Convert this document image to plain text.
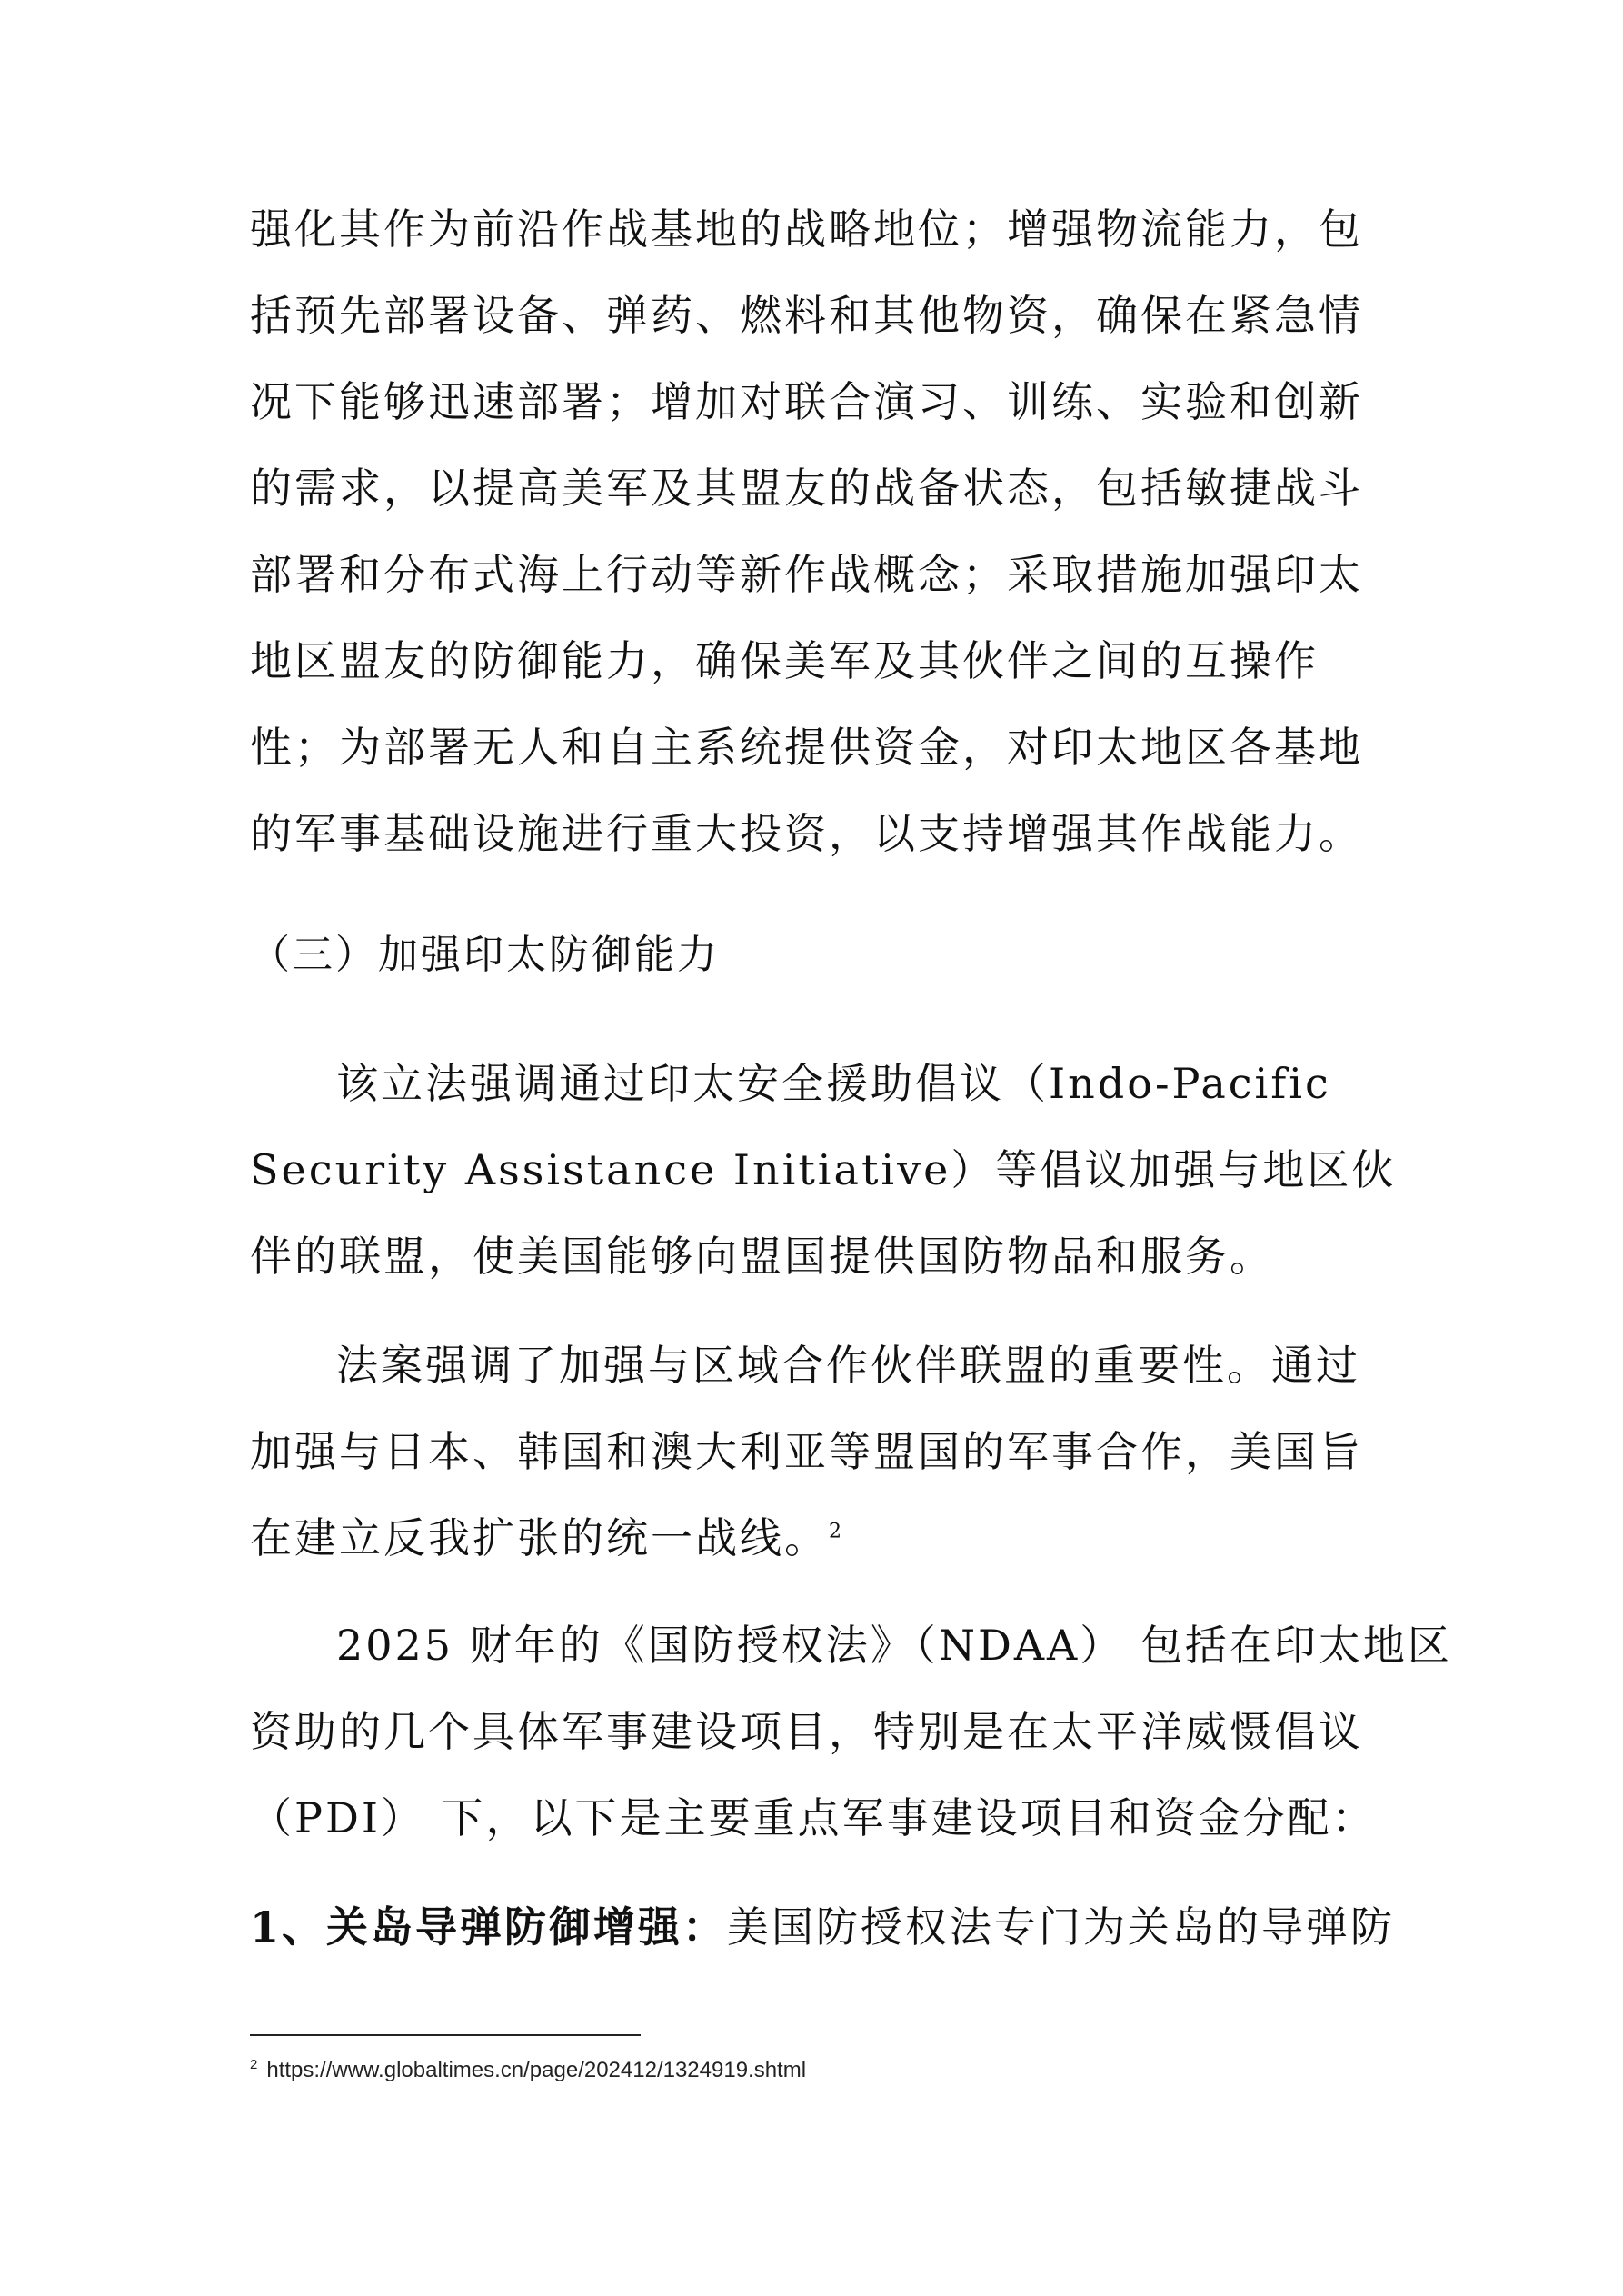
强化其作为前沿作战基地的战略地位；增强物流能力，包
括预先部署设备、弹药、燃料和其他物资，确保在紧急情
况下能够迅速部署；增加对联合演习、训练、实验和创新
的需求，以提高美军及其盟友的战备状态，包括敏捷战斗
部署和分布式海上行动等新作战概念；采取措施加强印太
地区盟友的防御能力，确保美军及其伙伴之间的互操作
性；为部署无人和自主系统提供资金，对印太地区各基地
的军事基础设施进行重大投资，以支持增强其作战能力。
（三）加强印太防御能力
该立法强调通过印太安全援助倡议（Indo-Pacific
Security Assistance Initiative）等倡议加强与地区伙
伴的联盟，使美国能够向盟国提供国防物品和服务。
法案强调了加强与区域合作伙伴联盟的重要性。通过
加强与日本、韩国和澳大利亚等盟国的军事合作，美国旨
在建立反我扩张的统一战线。$^2$
2025 财年的《国防授权法》（NDAA） 包括在印太地区
资助的几个具体军事建设项目，特别是在太平洋威慑倡议
（PDI） 下，以下是主要重点军事建设项目和资金分配：
1、关岛导弹防御增强：美国防授权法专门为关岛的导弹防
$^2$ https://www.globaltimes.cn/page/202412/1324919.shtml
